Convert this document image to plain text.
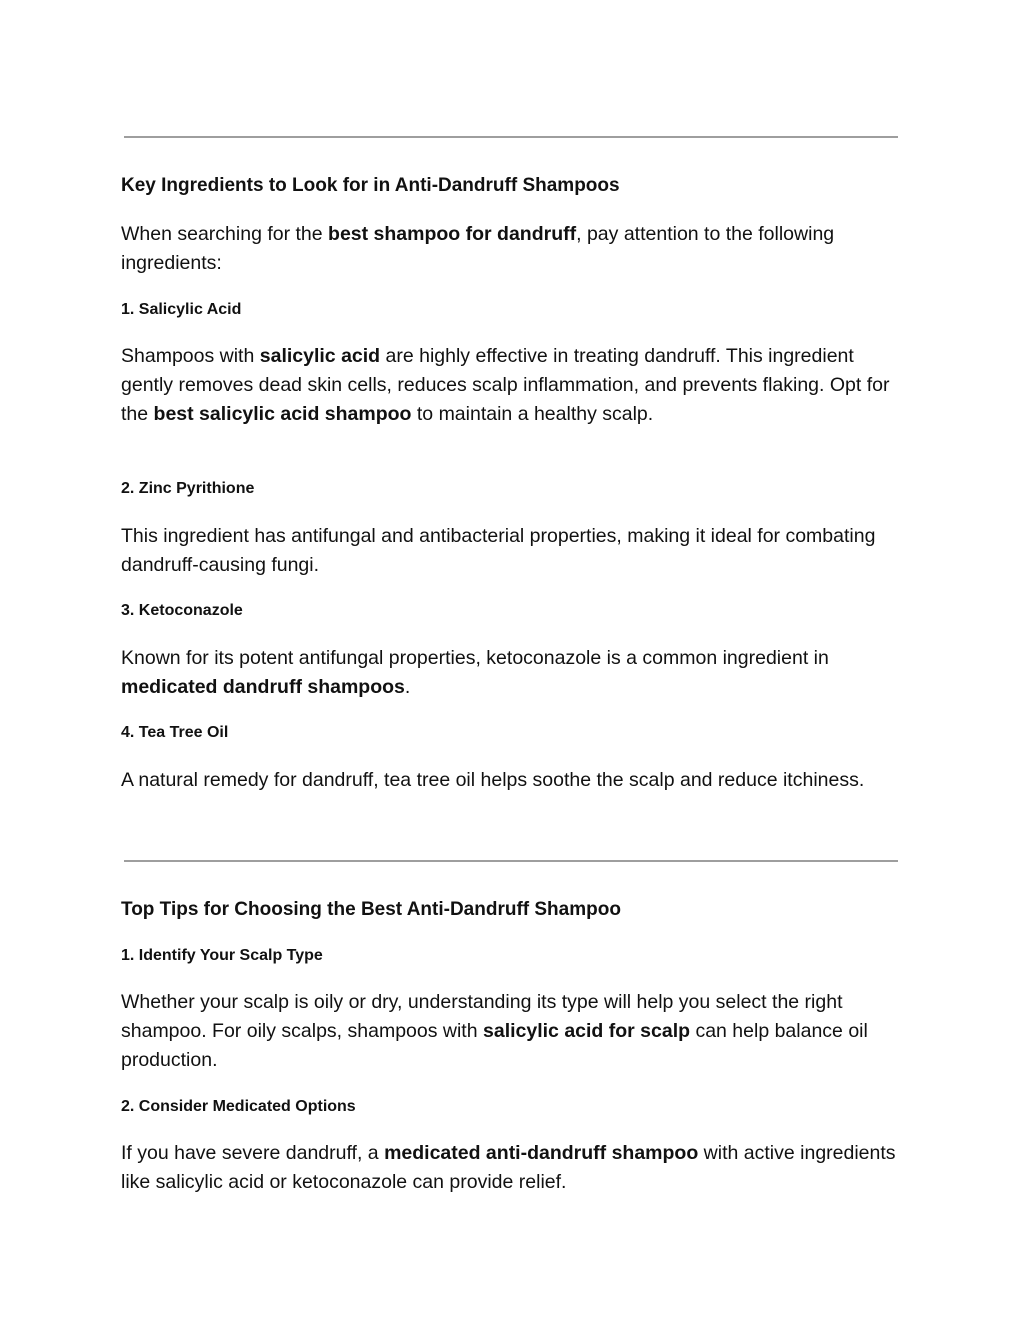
Key Ingredients to Look for in Anti-Dandruff Shampoos

When searching for the best shampoo for dandruff, pay attention to the following ingredients:

1. Salicylic Acid

Shampoos with salicylic acid are highly effective in treating dandruff. This ingredient gently removes dead skin cells, reduces scalp inflammation, and prevents flaking. Opt for the best salicylic acid shampoo to maintain a healthy scalp.

2. Zinc Pyrithione

This ingredient has antifungal and antibacterial properties, making it ideal for combating dandruff-causing fungi.

3. Ketoconazole

Known for its potent antifungal properties, ketoconazole is a common ingredient in medicated dandruff shampoos.

4. Tea Tree Oil

A natural remedy for dandruff, tea tree oil helps soothe the scalp and reduce itchiness.

Top Tips for Choosing the Best Anti-Dandruff Shampoo
1. Identify Your Scalp Type

Whether your scalp is oily or dry, understanding its type will help you select the right shampoo. For oily scalps, shampoos with salicylic acid for scalp can help balance oil production.

2. Consider Medicated Options

If you have severe dandruff, a medicated anti-dandruff shampoo with active ingredients like salicylic acid or ketoconazole can provide relief.
